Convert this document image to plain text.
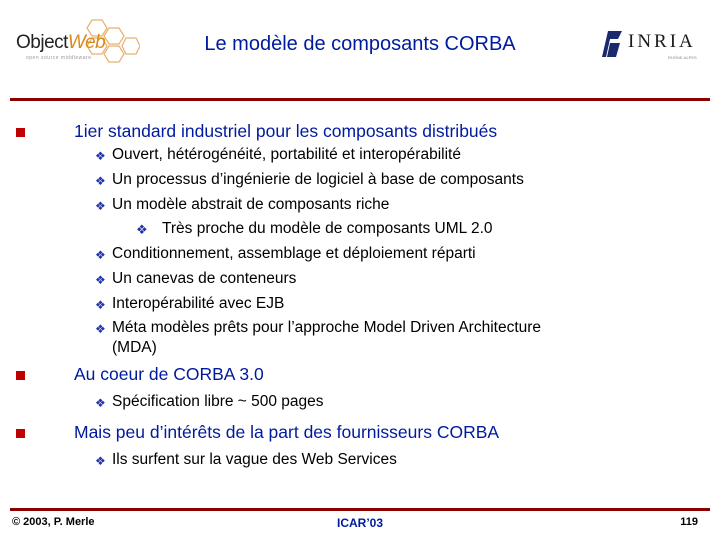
ObjectWeb
open source middleware
Le modèle de composants CORBA	INRIA
RHÔNE-ALPES
1ier standard industriel pour les composants distribués
❖ Ouvert, hétérogénéité, portabilité et interopérabilité
❖ Un processus d’ingénierie de logiciel à base de composants
❖ Un modèle abstrait de composants riche
❖ Très proche du modèle de composants UML 2.0
❖ Conditionnement, assemblage et déploiement réparti
❖ Un canevas de conteneurs
❖ Interopérabilité avec EJB
❖ Méta modèles prêts pour l’approche Model Driven Architecture
(MDA)
Au coeur de CORBA 3.0
❖ Spécification libre ~ 500 pages
Mais peu d’intérêts de la part des fournisseurs CORBA
❖ Ils surfent sur la vague des Web Services
© 2003, P. Merle	ICAR’03	119
